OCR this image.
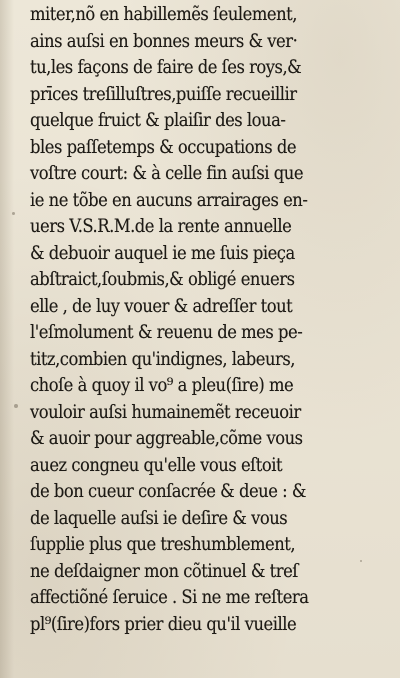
miter,nõ en habillemẽs ſeulement,
ains auſsi en bonnes meurs & ver·
tu,les façons de faire de ſes roys,&
prīces treſilluſtres,puiſſe recueillir
quelque fruict & plaiſir des loua-
bles paſſetemps & occupations de
voſtre court: & à celle fin auſsi que
ie ne tõbe en aucuns arrairages en-
uers V.S.R.M.de la rente annuelle
& debuoir auquel ie me ſuis pieça
abſtraict,ſoubmis,& obligé enuers
elle , de luy vouer & adreſſer tout
l'eſmolument & reuenu de mes pe-
titz,combien qu'indignes, labeurs,
choſe à quoy il vo⁹ a pleu(ſire) me
vouloir auſsi humainemẽt receuoir
& auoir pour aggreable,cõme vous
auez congneu qu'elle vous eſtoit
de bon cueur conſacrée & deue : &
de laquelle auſsi ie deſire & vous
ſupplie plus que treshumblement,
ne deſdaigner mon cõtinuel & treſ
affectiõné ſeruice . Si ne me reſtera
pl⁹(ſire)fors prier dieu qu'il vueille
